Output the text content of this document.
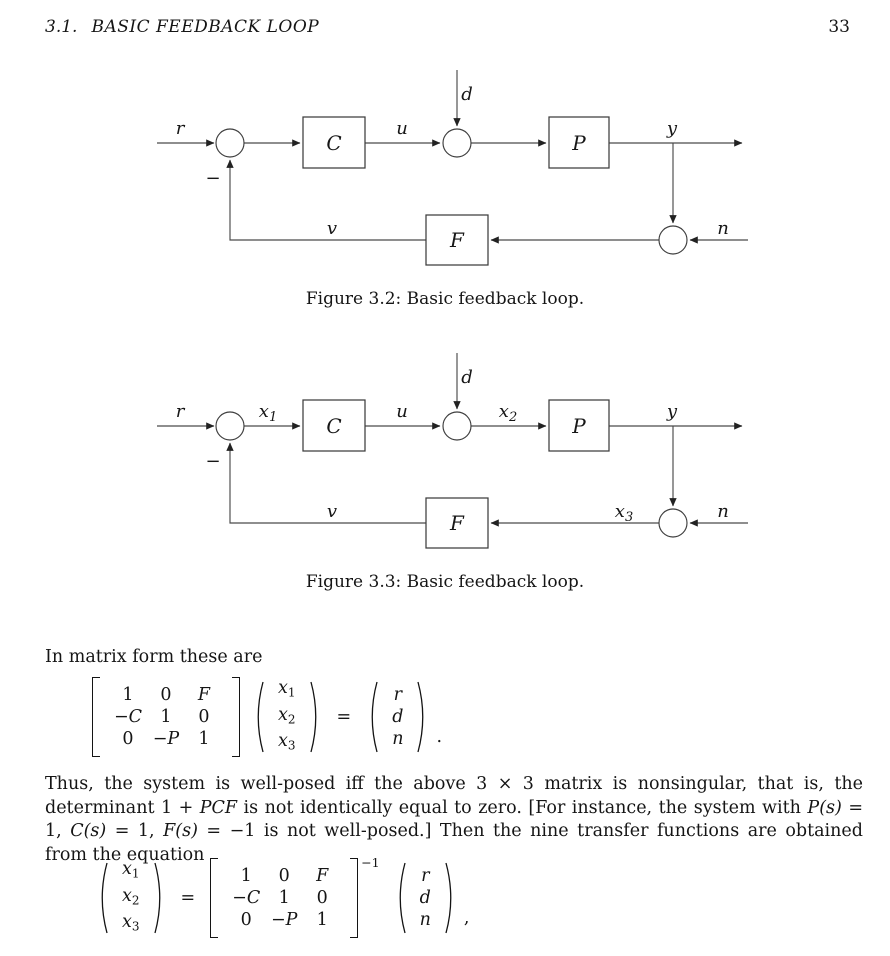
3.1. BASIC FEEDBACK LOOP	33
C	P
F
r
−
u
d
y
n
v
Figure 3.2: Basic feedback loop.
C	P
F
r
−
$x_1$	u
d
$x_2$	y
n
$x_3$
v
Figure 3.3: Basic feedback loop.
In matrix form these are
1	0	F
−C	1	0
0	−P	1
$x_1$
$x_2$
$x_3$
=
r
d
n .

Thus, the system is well-posed iff the above 3 × 3 matrix is nonsingular, that is, the determinant 1 + PCF is not identically equal to zero. [For instance, the system with P(s) = 1, C(s) = 1, F(s) = −1 is not well-posed.] Then the nine transfer functions are obtained from the equation

$x_1$
$x_2$
$x_3$
=
1	0	F
−C	1	0
0	−P	1
−1
r
d
n ,
